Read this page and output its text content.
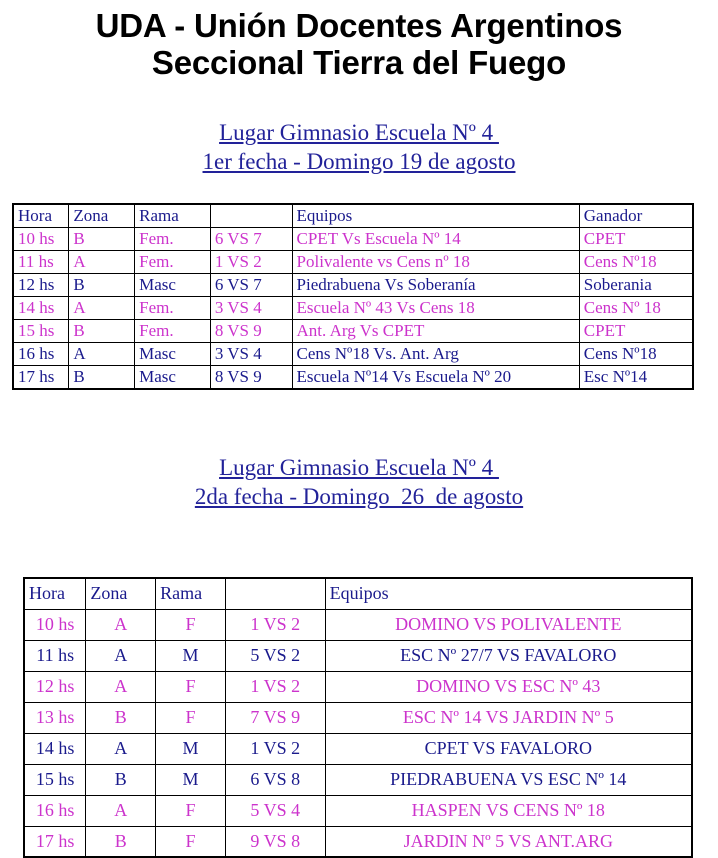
UDA - Unión Docentes Argentinos
Seccional Tierra del Fuego
Lugar Gimnasio Escuela Nº 4
1er fecha - Domingo 19 de agosto
Hora	Zona	Rama		Equipos	Ganador
10 hs	B	Fem.	6 VS 7	CPET Vs Escuela Nº 14	CPET
11 hs	A	Fem.	1 VS 2	Polivalente vs Cens nº 18	Cens Nº18
12 hs	B	Masc	6 VS 7	Piedrabuena Vs Soberanía	Soberania
14 hs	A	Fem.	3 VS 4	Escuela Nº 43 Vs Cens 18	Cens Nº 18
15 hs	B	Fem.	8 VS 9	Ant. Arg Vs CPET	CPET
16 hs	A	Masc	3 VS 4	Cens Nº18 Vs. Ant. Arg	Cens Nº18
17 hs	B	Masc	8 VS 9	Escuela Nº14 Vs Escuela Nº 20	Esc Nº14
Lugar Gimnasio Escuela Nº 4
2da fecha - Domingo  26  de agosto
Hora	Zona	Rama		Equipos
10 hs	A	F	1 VS 2	DOMINO VS POLIVALENTE
11 hs	A	M	5 VS 2	ESC Nº 27/7 VS FAVALORO
12 hs	A	F	1 VS 2	DOMINO VS ESC Nº 43
13 hs	B	F	7 VS 9	ESC Nº 14 VS JARDIN Nº 5
14 hs	A	M	1 VS 2	CPET VS FAVALORO
15 hs	B	M	6 VS 8	PIEDRABUENA VS ESC Nº 14
16 hs	A	F	5 VS 4	HASPEN VS CENS Nº 18
17 hs	B	F	9 VS 8	JARDIN Nº 5 VS ANT.ARG
